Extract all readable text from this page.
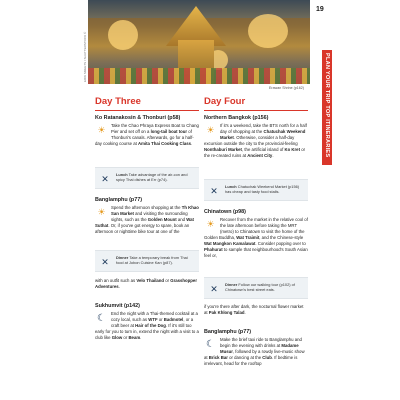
ERIK SMEETS / SHUTTERSTOCK ©
19
PLAN YOUR TRIP TOP ITINERARIES
Erawan Shrine (p162)
Day Three
Ko Ratanakosin & Thonburi (p58)
☀	Take the Chao Phraya Express Boat to Chang Pier and set off on a long-tail boat tour of Thonburi's canals. Afterwards, go for a half-day cooking course at Amita Thai Cooking Class.
✕	Lunch Take advantage of the air-con and spicy Thai dishes at Err (p74).
Banglamphu (p77)
☀	Spend the afternoon shopping at the Th Khao San Market and visiting the surrounding sights, such as the Golden Mount and Wat Suthat. Or, if you've got energy to spare, book an afternoon or nighttime bike tour at one of the
✕	Dinner Take a temporary break from Thai food at Jobon Cuisine Kan (p87).
with an outfit such as Velo Thailand or Grasshopper Adventures.
Sukhumvit (p142)
☾	End the night with a Thai-themed cocktail at a cozy local, such as WTF or Badmotel, or a craft beer at Hair of the Dog. If it's still too early for you to turn in, extend the night with a visit to a club like Glow or Beam.
Day Four
Northern Bangkok (p156)
☀	If it's a weekend, take the BTS north for a half day of shopping at the Chatuchak Weekend Market. Otherwise, consider a half-day excursion outside the city to the provincial-feeling Nonthaburi Market, the artificial island of Ko Kret or the re-created ruins at Ancient City.
✕	Lunch Chatuchak Weekend Market (p156) has cheap and tasty food stalls.
Chinatown (p98)
☀	Recover from the market in the relative cool of the late afternoon before taking the MRT (metro) to Chinatown to visit the home of the Golden Buddha, Wat Traimit, and the Chinese-style Wat Mangkon Kamalawat. Consider popping over to Phahurat to sample that neighbourhood's South Asian feel or,
✕	Dinner Follow our walking tour (p102) of Chinatown's best street eats.
if you're there after dark, the nocturnal flower market at Pak Khlong Talad.
Banglamphu (p77)
☾	Make the brief taxi ride to Banglamphu and begin the evening with drinks at Madame Musur, followed by a rowdy live-music show at Brick Bar or dancing at the Club. If bedtime is irrelevant, head for the rooftop
